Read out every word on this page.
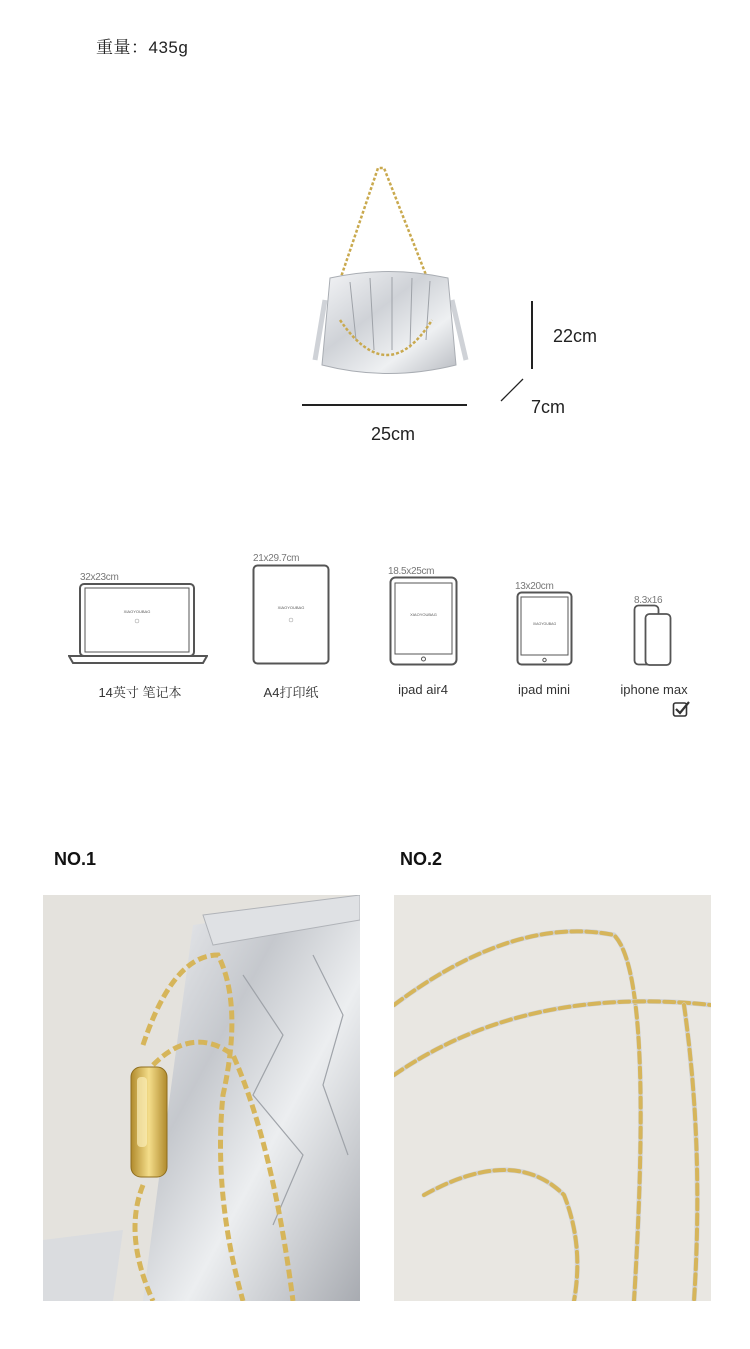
重量：435g
22cm
7cm
25cm
32x23cm
XIAOYOUBAG
14英寸 笔记本
21x29.7cm
XIAOYOUBAG
A4打印纸
18.5x25cm
XIAOYOUBAG
ipad air4
13x20cm
XIAOYOUBAG
ipad mini
8.3x16
iphone max
NO.1	NO.2
